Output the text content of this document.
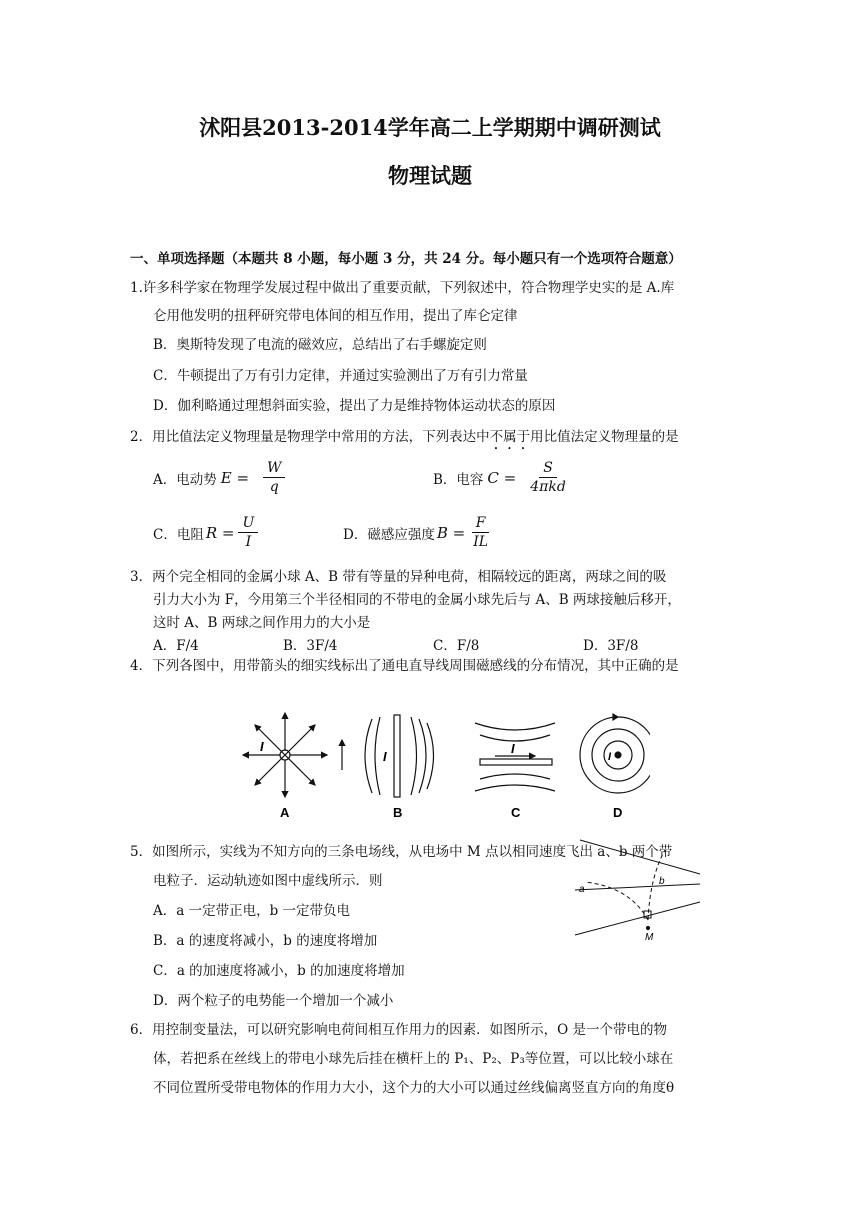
沭阳县2013-2014学年高二上学期期中调研测试
物理试题
一、单项选择题（本题共 8 小题，每小题 3 分，共 24 分。每小题只有一个选项符合题意）
1.许多科学家在物理学发展过程中做出了重要贡献，下列叙述中，符合物理学史实的是 A.库
仑用他发明的扭秤研究带电体间的相互作用，提出了库仑定律
B．奥斯特发现了电流的磁效应，总结出了右手螺旋定则
C．牛顿提出了万有引力定律，并通过实验测出了万有引力常量
D．伽利略通过理想斜面实验，提出了力是维持物体运动状态的原因
2．用比值法定义物理量是物理学中常用的方法，下列表达中不属于用比值法定义物理量的是
A．电动势 $E = \frac{W}{q}$	B．电容 $C = \frac{S}{\text{4πkd}}$
C．电阻 $R = \frac{U}{I}$	D．磁感应强度 $B = \frac{F}{IL}$
3．两个完全相同的金属小球 A、B 带有等量的异种电荷，相隔较远的距离，两球之间的吸
引力大小为 F，今用第三个半径相同的不带电的金属小球先后与 A、B 两球接触后移开，
这时 A、B 两球之间作用力的大小是
A．F/4	B．3F/4	C．F/8	D．3F/8
4．下列各图中，用带箭头的细实线标出了通电直导线周围磁感线的分布情况，其中正确的是
I
A
I
B
I
C
I
D
5．如图所示，实线为不知方向的三条电场线，从电场中 M 点以相同速度飞出 a、b 两个带
电粒子．运动轨迹如图中虚线所示．则
A．a 一定带正电，b 一定带负电
B．a 的速度将减小，b 的速度将增加
C．a 的加速度将减小，b 的加速度将增加
D．两个粒子的电势能一个增加一个减小
a
b
M
6．用控制变量法，可以研究影响电荷间相互作用力的因素．如图所示，O 是一个带电的物
体，若把系在丝线上的带电小球先后挂在横杆上的 P₁、P₂、P₃等位置，可以比较小球在
不同位置所受带电物体的作用力大小，这个力的大小可以通过丝线偏离竖直方向的角度θ
